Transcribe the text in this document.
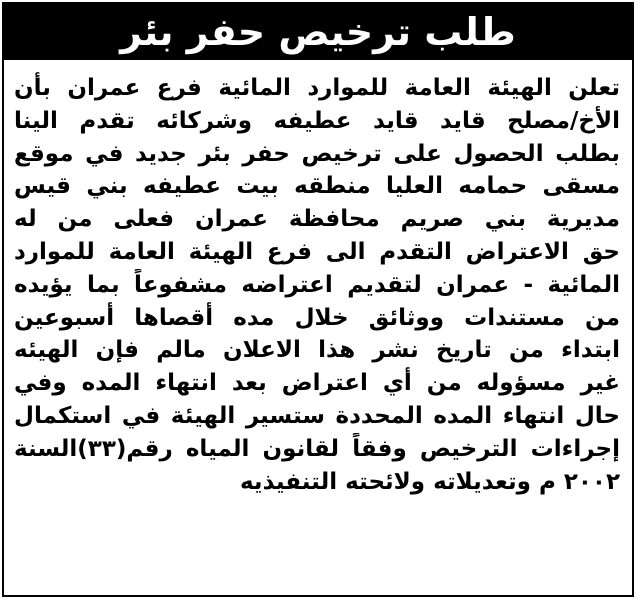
طلب ترخيص حفر بئر
تعلن الهيئة العامة للموارد المائية فرع عمران بأن
الأخ/مصلح قايد قايد عطيفه وشركائه تقدم الينا
بطلب الحصول على ترخيص حفر بئر جديد في موقع
مسقى حمامه العليا منطقه بيت عطيفه بني قيس
مديرية بني صريم محافظة عمران فعلى من له
حق الاعتراض التقدم الى فرع الهيئة العامة للموارد
المائية - عمران لتقديم اعتراضه مشفوعاً بما يؤيده
من مستندات ووثائق خلال مده أقصاها أسبوعين
ابتداء من تاريخ نشر هذا الاعلان مالم فإن الهيئه
غير مسؤوله من أي اعتراض بعد انتهاء المده وفي
حال انتهاء المده المحددة ستسير الهيئة في استكمال
إجراءات الترخيص وفقاً لقانون المياه رقم(٣٣)السنة
٢٠٠٢ م وتعديلاته ولائحته التنفيذيه
